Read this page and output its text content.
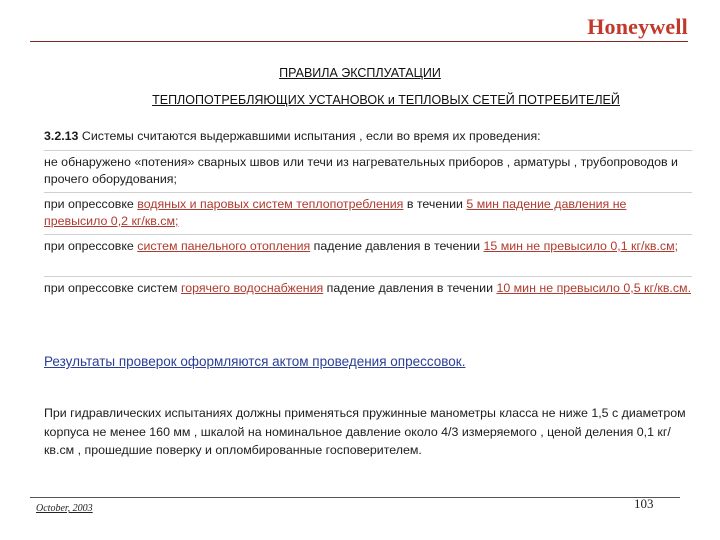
Honeywell
ПРАВИЛА ЭКСПЛУАТАЦИИ
ТЕПЛОПОТРЕБЛЯЮЩИХ УСТАНОВОК и ТЕПЛОВЫХ СЕТЕЙ ПОТРЕБИТЕЛЕЙ
3.2.13 Системы считаются выдержавшими испытания , если во время их проведения:
не обнаружено «потения» сварных швов или течи из нагревательных приборов , арматуры , трубопроводов и прочего оборудования;
при опрессовке водяных и паровых систем теплопотребления в течении 5 мин падение давления не превысило 0,2 кг/кв.см;
при опрессовке систем панельного отопления падение давления в течении 15 мин не превысило 0,1 кг/кв.см;
при опрессовке систем горячего водоснабжения падение давления в течении 10 мин не превысило 0,5 кг/кв.см.
Результаты проверок оформляются актом проведения опрессовок.
При гидравлических испытаниях должны применяться пружинные манометры класса не ниже 1,5 с диаметром корпуса не менее 160 мм , шкалой на номинальное давление около 4/3 измеряемого , ценой деления 0,1 кг/кв.см , прошедшие поверку и опломбированные госповерителем.
October, 2003	103
